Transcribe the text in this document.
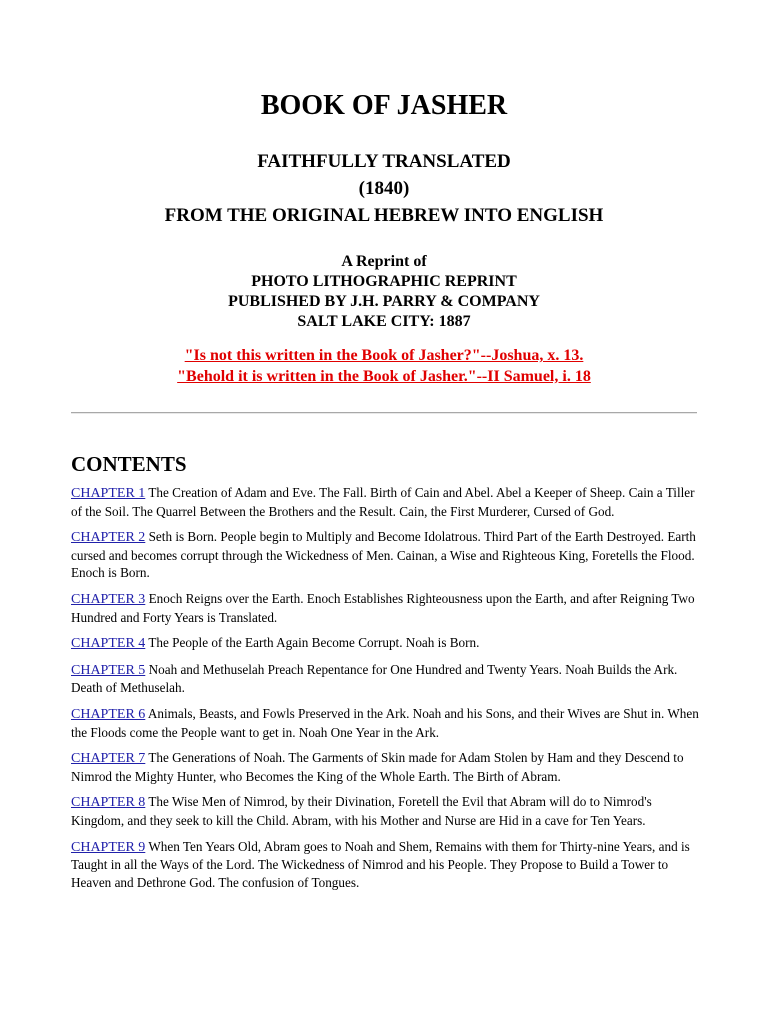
BOOK OF JASHER
FAITHFULLY TRANSLATED
(1840)
FROM THE ORIGINAL HEBREW INTO ENGLISH
A Reprint of
PHOTO LITHOGRAPHIC REPRINT
PUBLISHED BY J.H. PARRY & COMPANY
SALT LAKE CITY: 1887
"Is not this written in the Book of Jasher?"--Joshua, x. 13.
"Behold it is written in the Book of Jasher."--II Samuel, i. 18
CONTENTS

CHAPTER 1 The Creation of Adam and Eve. The Fall. Birth of Cain and Abel. Abel a Keeper of Sheep. Cain a Tiller of the Soil. The Quarrel Between the Brothers and the Result. Cain, the First Murderer, Cursed of God.

CHAPTER 2 Seth is Born. People begin to Multiply and Become Idolatrous. Third Part of the Earth Destroyed. Earth cursed and becomes corrupt through the Wickedness of Men. Cainan, a Wise and Righteous King, Foretells the Flood. Enoch is Born.

CHAPTER 3 Enoch Reigns over the Earth. Enoch Establishes Righteousness upon the Earth, and after Reigning Two Hundred and Forty Years is Translated.

CHAPTER 4 The People of the Earth Again Become Corrupt. Noah is Born.

CHAPTER 5 Noah and Methuselah Preach Repentance for One Hundred and Twenty Years. Noah Builds the Ark. Death of Methuselah.

CHAPTER 6 Animals, Beasts, and Fowls Preserved in the Ark. Noah and his Sons, and their Wives are Shut in. When the Floods come the People want to get in. Noah One Year in the Ark.

CHAPTER 7 The Generations of Noah. The Garments of Skin made for Adam Stolen by Ham and they Descend to Nimrod the Mighty Hunter, who Becomes the King of the Whole Earth. The Birth of Abram.

CHAPTER 8 The Wise Men of Nimrod, by their Divination, Foretell the Evil that Abram will do to Nimrod's Kingdom, and they seek to kill the Child. Abram, with his Mother and Nurse are Hid in a cave for Ten Years.

CHAPTER 9 When Ten Years Old, Abram goes to Noah and Shem, Remains with them for Thirty-nine Years, and is Taught in all the Ways of the Lord. The Wickedness of Nimrod and his People. They Propose to Build a Tower to Heaven and Dethrone God. The confusion of Tongues.
